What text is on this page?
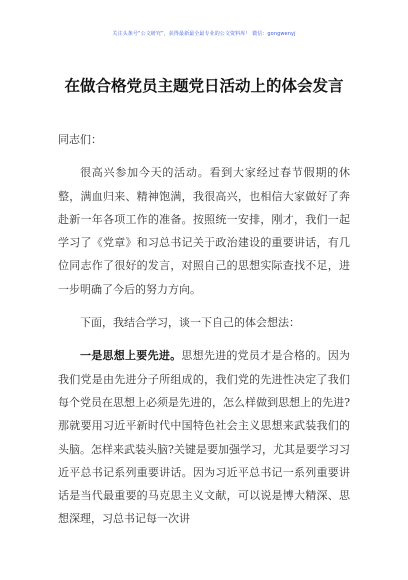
关注头条号“公文研究”，获得最新最全最专业的公文资料库！ 微信：gongwenyj
在做合格党员主题党日活动上的体会发言

同志们：

很高兴参加今天的活动。看到大家经过春节假期的休整，满血归来、精神饱满，我很高兴，也相信大家做好了奔赴新一年各项工作的准备。按照统一安排，刚才，我们一起学习了《党章》和习总书记关于政治建设的重要讲话，有几位同志作了很好的发言，对照自己的思想实际查找不足，进一步明确了今后的努力方向。

下面，我结合学习，谈一下自己的体会想法：

一是思想上要先进。思想先进的党员才是合格的。因为我们党是由先进分子所组成的，我们党的先进性决定了我们每个党员在思想上必须是先进的，怎么样做到思想上的先进?那就要用习近平新时代中国特色社会主义思想来武装我们的头脑。怎样来武装头脑?关键是要加强学习，尤其是要学习习近平总书记系列重要讲话。因为习近平总书记一系列重要讲话是当代最重要的马克思主义文献，可以说是博大精深、思想深理，习总书记每一次讲
